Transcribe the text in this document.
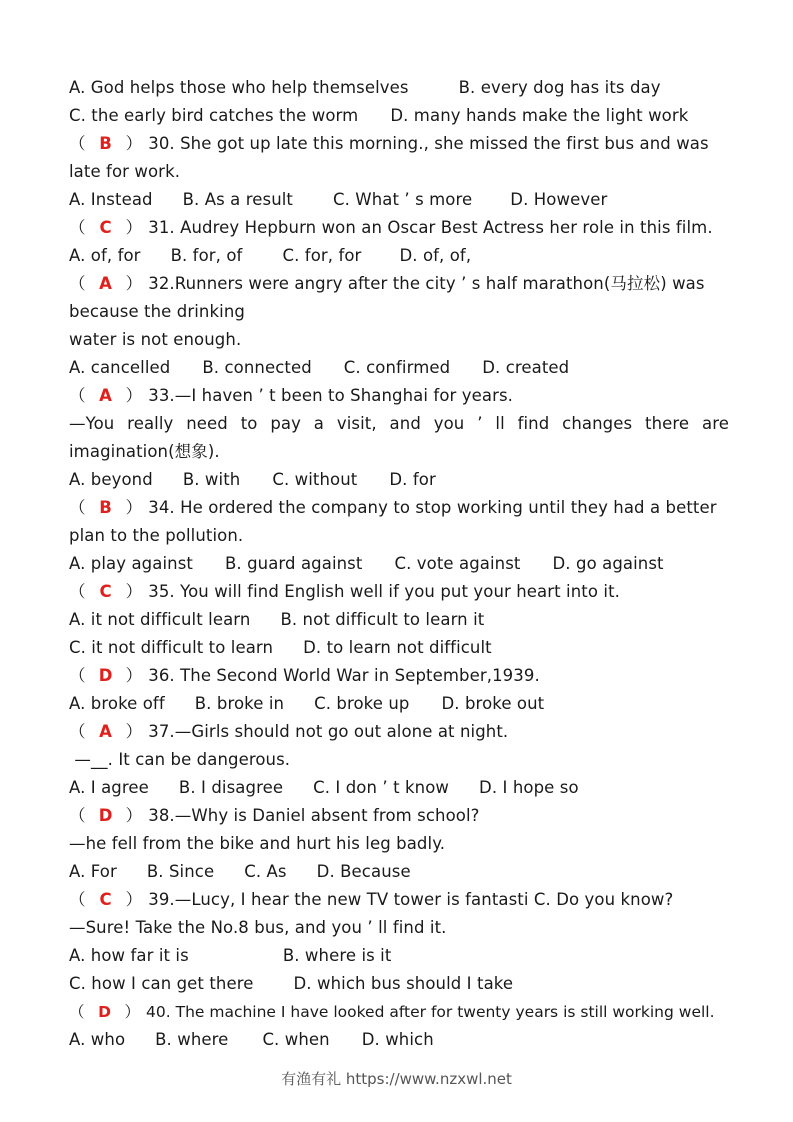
A. God helps those who help themselves	B. every dog has its day
C. the early bird catches the worm D. many hands make the light work
（ B ） 30. She got up late this morning., she missed the first bus and was
late for work.
A. Instead B. As a result C. What ’ s more D. However
（ C ） 31. Audrey Hepburn won an Oscar Best Actress her role in this film.
A. of, for B. for, of C. for, for D. of, of,
（ A ） 32.Runners were angry after the city ’ s half marathon(马拉松) was
because the drinking
water is not enough.
A. cancelled B. connected C. confirmed D. created
（ A ） 33.—I haven ’ t been to Shanghai for years.
—You really need to pay a visit, and you ’ ll find changes there are
imagination(想象).
A. beyond B. with C. without D. for
（ B ） 34. He ordered the company to stop working until they had a better
plan to the pollution.
A. play against B. guard against C. vote against D. go against
（ C ） 35. You will find English well if you put your heart into it.
A. it not difficult learn B. not difficult to learn it
C. it not difficult to learn D. to learn not difficult
（ D ） 36. The Second World War in September,1939.
A. broke off B. broke in C. broke up D. broke out
（ A ） 37.—Girls should not go out alone at night.
—__. It can be dangerous.
A. I agree B. I disagree C. I don ’ t know D. I hope so
（ D ） 38.—Why is Daniel absent from school?
—he fell from the bike and hurt his leg badly.
A. For B. Since C. As D. Because
（ C ） 39.—Lucy, I hear the new TV tower is fantasti C. Do you know?
—Sure! Take the No.8 bus, and you ’ ll find it.
A. how far it is	B. where is it
C. how I can get there D. which bus should I take
（ D ） 40. The machine I have looked after for twenty years is still working well.
A. who B. where C. when D. which
有渔有礼 https://www.nzxwl.net
